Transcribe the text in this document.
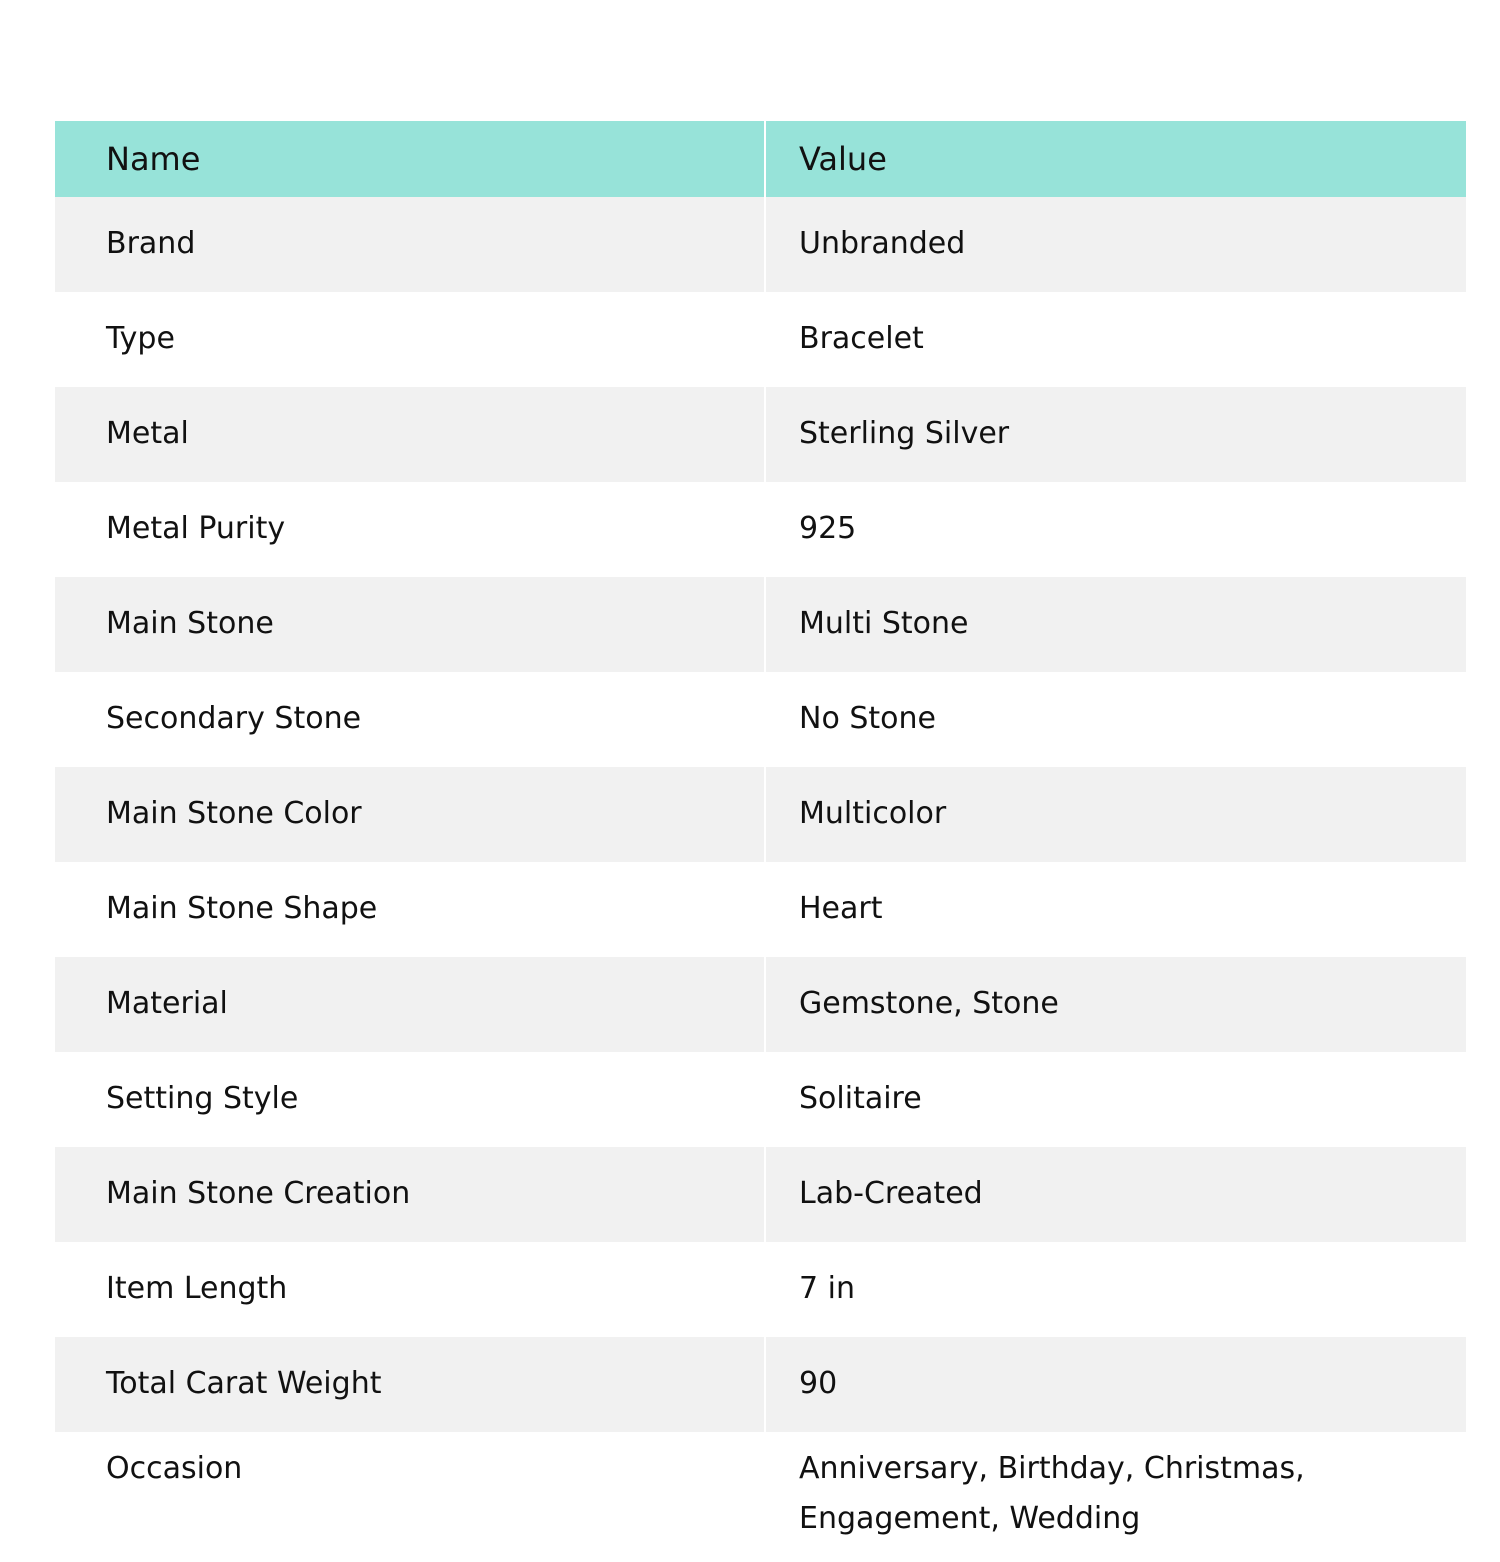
Name	Value
Brand	Unbranded
Type	Bracelet
Metal	Sterling Silver
Metal Purity	925
Main Stone	Multi Stone
Secondary Stone	No Stone
Main Stone Color	Multicolor
Main Stone Shape	Heart
Material	Gemstone, Stone
Setting Style	Solitaire
Main Stone Creation	Lab-Created
Item Length	7 in
Total Carat Weight	90
Occasion	Anniversary, Birthday, Christmas, Engagement, Wedding
